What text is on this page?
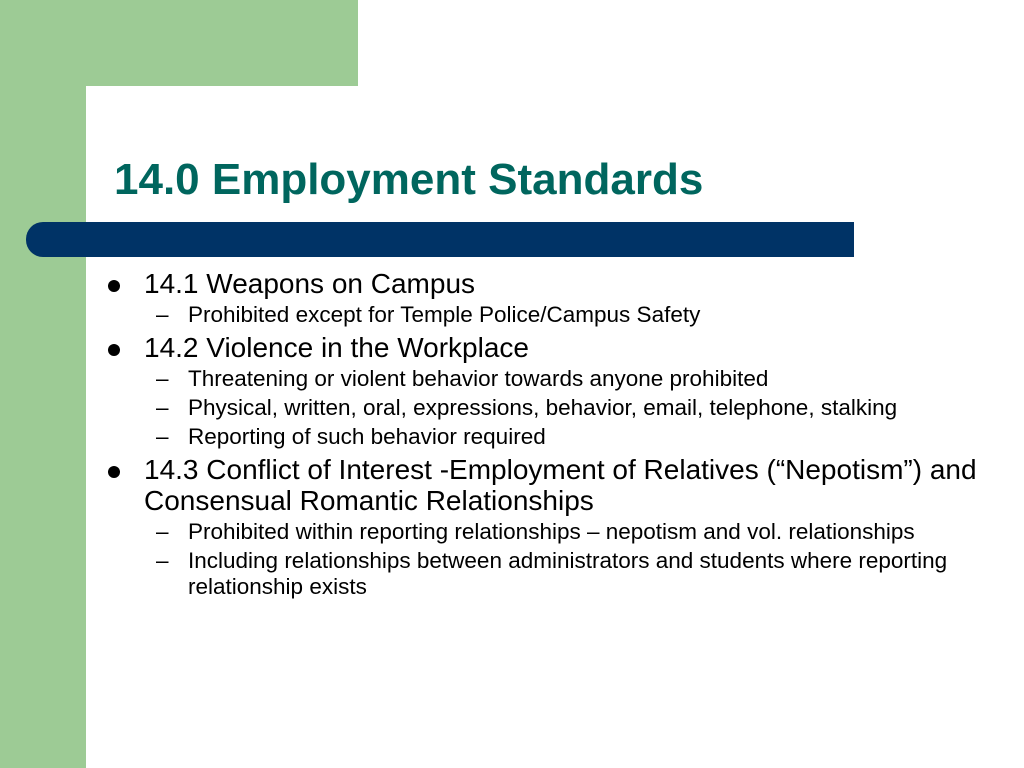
14.0 Employment Standards
14.1 Weapons on Campus
– Prohibited except for Temple Police/Campus Safety
14.2 Violence in the Workplace
– Threatening or violent behavior towards anyone prohibited
– Physical, written, oral, expressions, behavior, email, telephone, stalking
– Reporting of such behavior required
14.3 Conflict of Interest -Employment of Relatives (“Nepotism”) and Consensual Romantic Relationships
– Prohibited within reporting relationships – nepotism and vol. relationships
– Including relationships between administrators and students where reporting relationship exists
